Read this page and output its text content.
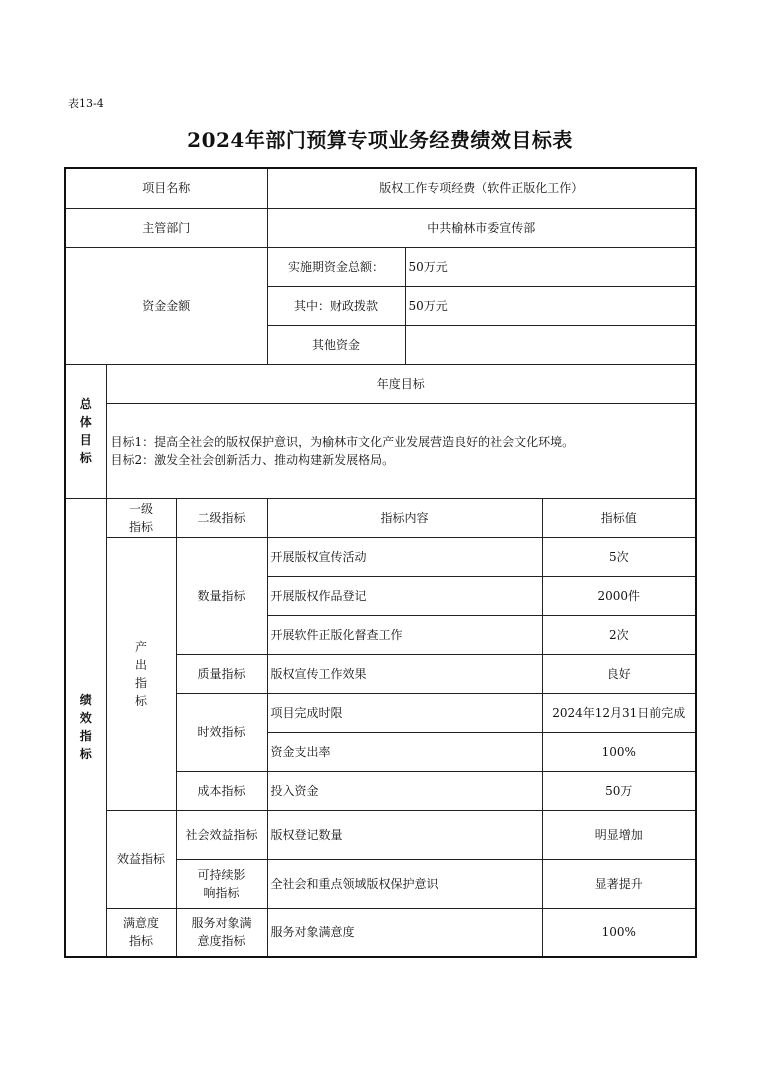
表13-4
2024年部门预算专项业务经费绩效目标表
项目名称			版权工作专项经费（软件正版化工作）		
主管部门			中共榆林市委宣传部		
资金金额			实施期资金总额：	50万元	
			其中：财政拨款	50万元	
			其他资金		

总体目标	年度目标				

	目标1：提高全社会的版权保护意识，为榆林市文化产业发展营造良好的社会文化环境。
目标2：激发全社会创新活力、推动构建新发展格局。				

绩效指标	一级指标	二级指标	指标内容		指标值

	产出指标	数量指标	开展版权宣传活动		5次
			开展版权作品登记		2000件
			开展软件正版化督查工作		2次
		质量指标	版权宣传工作效果		良好
		时效指标	项目完成时限		2024年12月31日前完成
			资金支出率		100%
		成本指标	投入资金		50万
	效益指标	社会效益指标	版权登记数量		明显增加

		可持续影响指标	全社会和重点领域版权保护意识		显著提升

	满意度指标	服务对象满意度指标	服务对象满意度		100%
